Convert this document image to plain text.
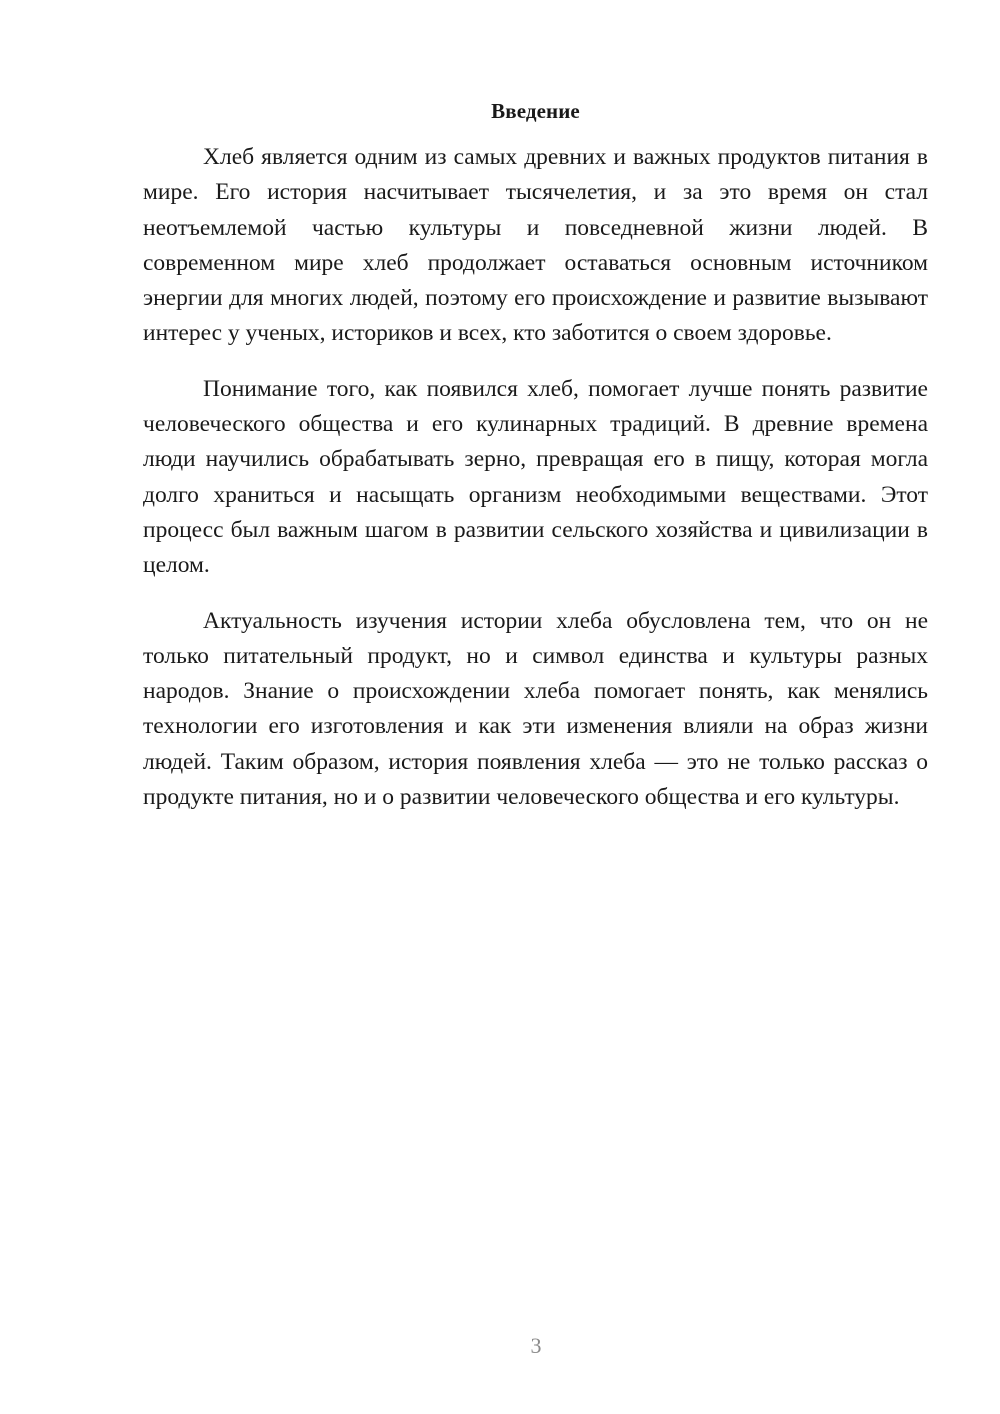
Введение

Хлеб является одним из самых древних и важных продуктов питания в мире. Его история насчитывает тысячелетия, и за это время он стал неотъемлемой частью культуры и повседневной жизни людей. В современном мире хлеб продолжает оставаться основным источником энергии для многих людей, поэтому его происхождение и развитие вызывают интерес у ученых, историков и всех, кто заботится о своем здоровье.

Понимание того, как появился хлеб, помогает лучше понять развитие человеческого общества и его кулинарных традиций. В древние времена люди научились обрабатывать зерно, превращая его в пищу, которая могла долго храниться и насыщать организм необходимыми веществами. Этот процесс был важным шагом в развитии сельского хозяйства и цивилизации в целом.

Актуальность изучения истории хлеба обусловлена тем, что он не только питательный продукт, но и символ единства и культуры разных народов. Знание о происхождении хлеба помогает понять, как менялись технологии его изготовления и как эти изменения влияли на образ жизни людей. Таким образом, история появления хлеба — это не только рассказ о продукте питания, но и о развитии человеческого общества и его культуры.

3
